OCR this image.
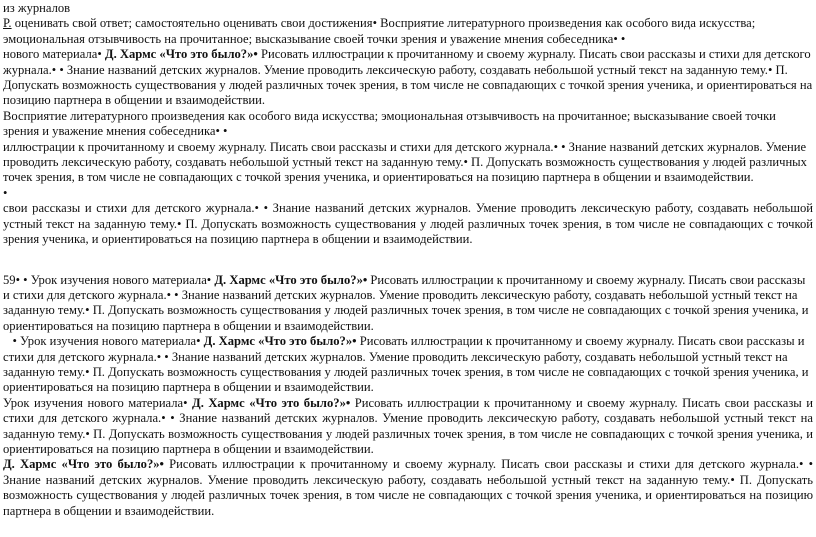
из журналов

Р. оценивать свой ответ; самостоятельно оценивать свои достижения• Восприятие литературного произведения как особого вида искусства; эмоциональная отзывчивость на прочитанное; высказывание своей точки зрения и уважение мнения собеседника• •

нового материала• Д. Хармс «Что это было?»• Рисовать иллюстрации к прочитанному и своему журналу. Писать свои рассказы и стихи для детского журнала.• • Знание названий детских журналов. Умение проводить лексическую работу, создавать небольшой устный текст на заданную тему.• П. Допускать возможность существования у людей различных точек зрения, в том числе не совпадающих с точкой зрения ученика, и ориентироваться на позицию партнера в общении и взаимодействии.

Восприятие литературного произведения как особого вида искусства; эмоциональная отзывчивость на прочитанное; высказывание своей точки зрения и уважение мнения собеседника• •

иллюстрации к прочитанному и своему журналу. Писать свои рассказы и стихи для детского журнала.• • Знание названий детских журналов. Умение проводить лексическую работу, создавать небольшой устный текст на заданную тему.• П. Допускать возможность существования у людей различных точек зрения, в том числе не совпадающих с точкой зрения ученика, и ориентироваться на позицию партнера в общении и взаимодействии.

•

свои рассказы и стихи для детского журнала.• • Знание названий детских журналов. Умение проводить лексическую работу, создавать небольшой устный текст на заданную тему.• П. Допускать возможность существования у людей различных точек зрения, в том числе не совпадающих с точкой зрения ученика, и ориентироваться на позицию партнера в общении и взаимодействии.

59• • Урок изучения нового материала• Д. Хармс «Что это было?»• Рисовать иллюстрации к прочитанному и своему журналу. Писать свои рассказы и стихи для детского журнала.• • Знание названий детских журналов. Умение проводить лексическую работу, создавать небольшой устный текст на заданную тему.• П. Допускать возможность существования у людей различных точек зрения, в том числе не совпадающих с точкой зрения ученика, и ориентироваться на позицию партнера в общении и взаимодействии.

• Урок изучения нового материала• Д. Хармс «Что это было?»• Рисовать иллюстрации к прочитанному и своему журналу. Писать свои рассказы и стихи для детского журнала.• • Знание названий детских журналов. Умение проводить лексическую работу, создавать небольшой устный текст на заданную тему.• П. Допускать возможность существования у людей различных точек зрения, в том числе не совпадающих с точкой зрения ученика, и ориентироваться на позицию партнера в общении и взаимодействии.

Урок изучения нового материала• Д. Хармс «Что это было?»• Рисовать иллюстрации к прочитанному и своему журналу. Писать свои рассказы и стихи для детского журнала.• • Знание названий детских журналов. Умение проводить лексическую работу, создавать небольшой устный текст на заданную тему.• П. Допускать возможность существования у людей различных точек зрения, в том числе не совпадающих с точкой зрения ученика, и ориентироваться на позицию партнера в общении и взаимодействии.

Д. Хармс «Что это было?»• Рисовать иллюстрации к прочитанному и своему журналу. Писать свои рассказы и стихи для детского журнала.• • Знание названий детских журналов. Умение проводить лексическую работу, создавать небольшой устный текст на заданную тему.• П. Допускать возможность существования у людей различных точек зрения, в том числе не совпадающих с точкой зрения ученика, и ориентироваться на позицию партнера в общении и взаимодействии.
